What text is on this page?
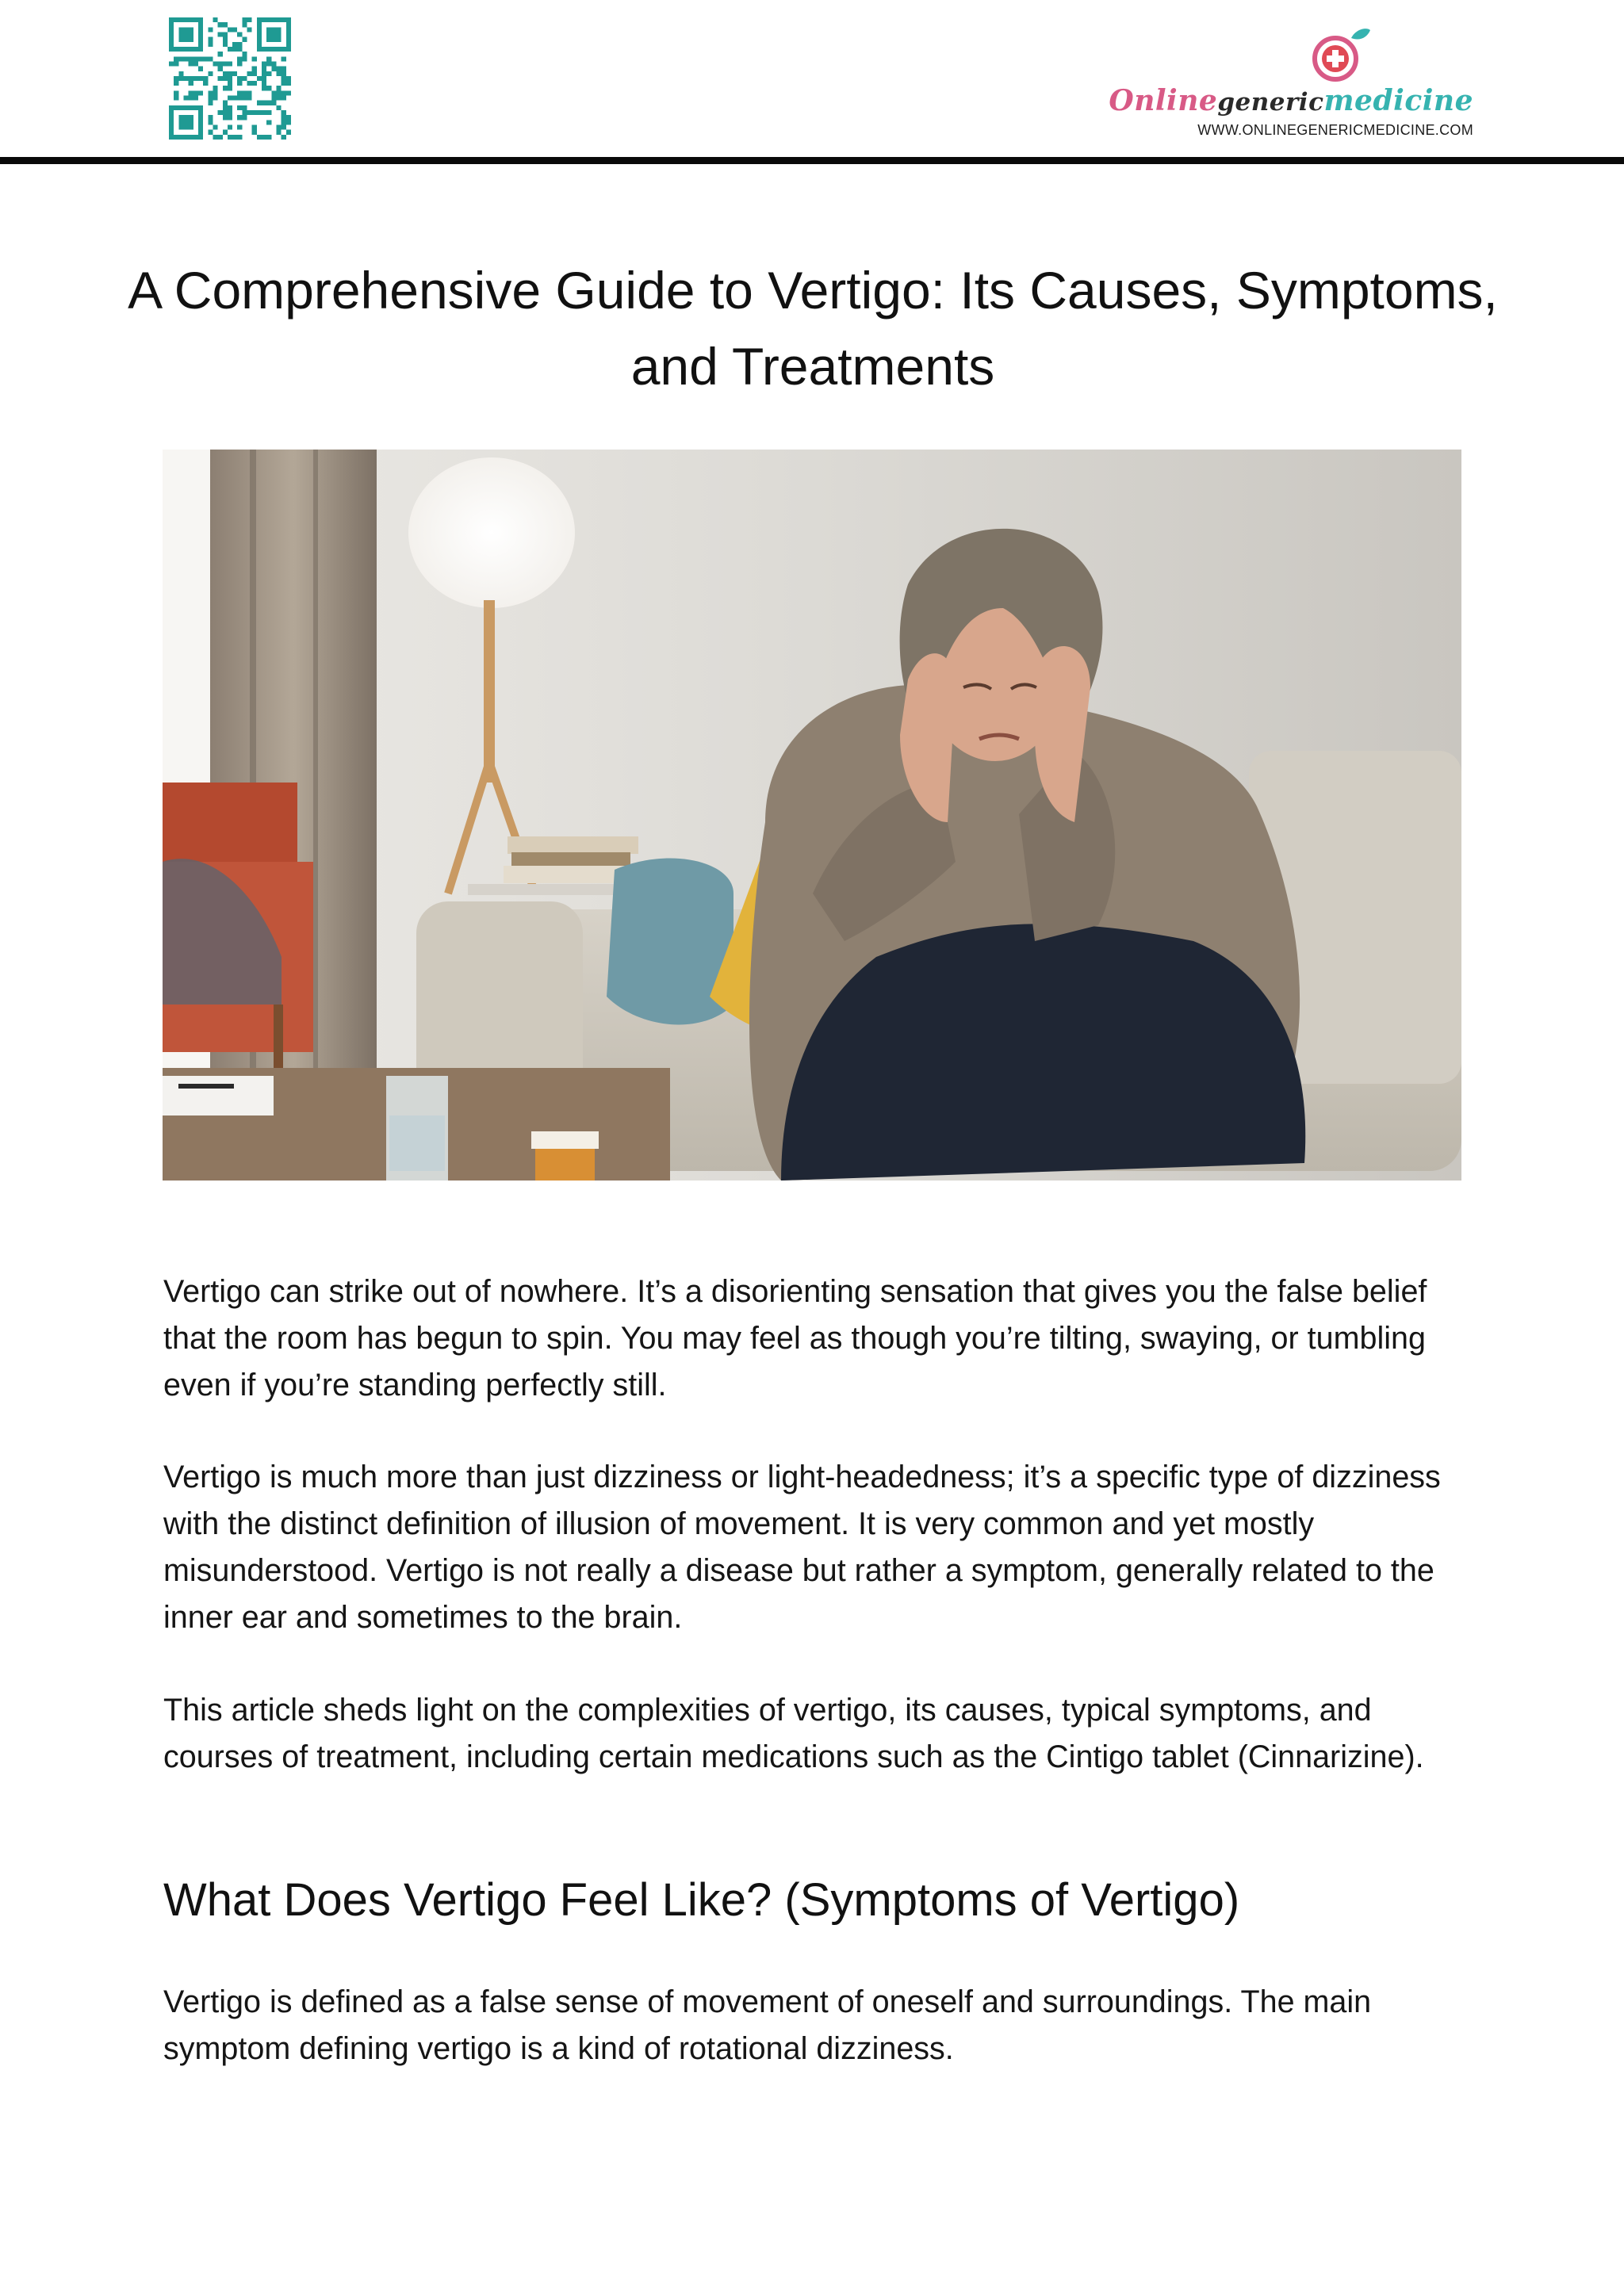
Onlinegenericmedicine
WWW.ONLINEGENERICMEDICINE.COM
A Comprehensive Guide to Vertigo: Its Causes, Symptoms, and Treatments

Vertigo can strike out of nowhere. It’s a disorienting sensation that gives you the false belief that the room has begun to spin. You may feel as though you’re tilting, swaying, or tumbling even if you’re standing perfectly still.

Vertigo is much more than just dizziness or light-headedness; it’s a specific type of dizziness with the distinct definition of illusion of movement. It is very common and yet mostly misunderstood. Vertigo is not really a disease but rather a symptom, generally related to the inner ear and sometimes to the brain.

This article sheds light on the complexities of vertigo, its causes, typical symptoms, and courses of treatment, including certain medications such as the Cintigo tablet (Cinnarizine).

What Does Vertigo Feel Like? (Symptoms of Vertigo)

Vertigo is defined as a false sense of movement of oneself and surroundings. The main symptom defining vertigo is a kind of rotational dizziness.
